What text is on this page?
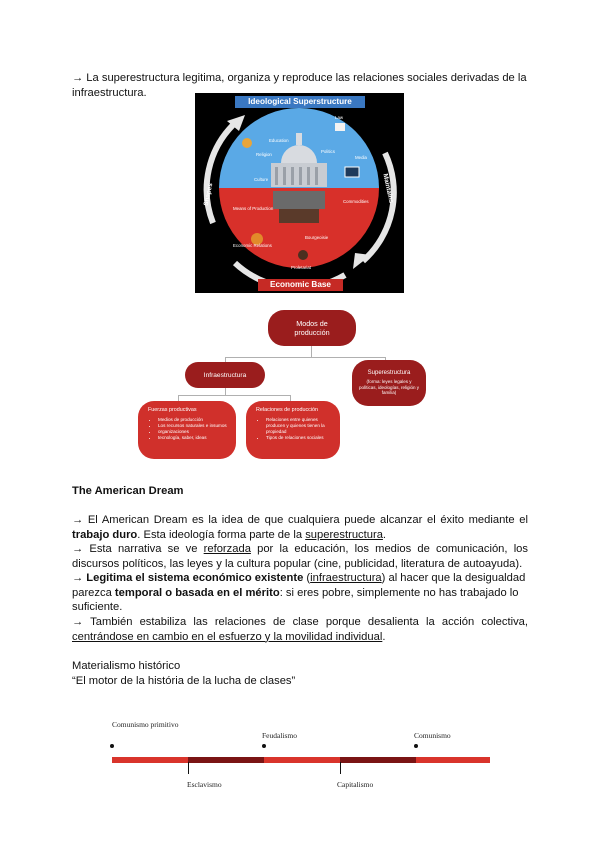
→ La superestructura legitima, organiza y reproduce las relaciones sociales derivadas de la infraestructura.
Ideological Superstructure
Economic Base
Shapes	Maintains
Religion
Education
Politics
Culture
Media
Law
Means of Production
Economic Relations
Commodities
Bourgeoisie
Proletariat
Modos de producción
Infraestructura	Superestructura
(forma: leyes legales y políticas, ideologías, religión y familia)
Fuerzas productivas
• Medios de producción
• Los recursos naturales e insumos
• organizaciones
• tecnología, saber, ideas
Relaciones de producción
• Relaciones entre quienes producen y quienes tienen la propiedad
• Tipos de relaciones sociales
The American Dream
→ El American Dream es la idea de que cualquiera puede alcanzar el éxito mediante el trabajo duro. Esta ideología forma parte de la superestructura.
→ Esta narrativa se ve reforzada por la educación, los medios de comunicación, los discursos políticos, las leyes y la cultura popular (cine, publicidad, literatura de autoayuda).
→ Legitima el sistema económico existente (infraestructura) al hacer que la desigualdad parezca temporal o basada en el mérito: si eres pobre, simplemente no has trabajado lo suficiente.
→ También estabiliza las relaciones de clase porque desalienta la acción colectiva, centrándose en cambio en el esfuerzo y la movilidad individual.
Materialismo histórico
“El motor de la história de la lucha de clases”
Comunismo primitivo
Feudalismo	Comunismo
Esclavismo	Capitalismo
